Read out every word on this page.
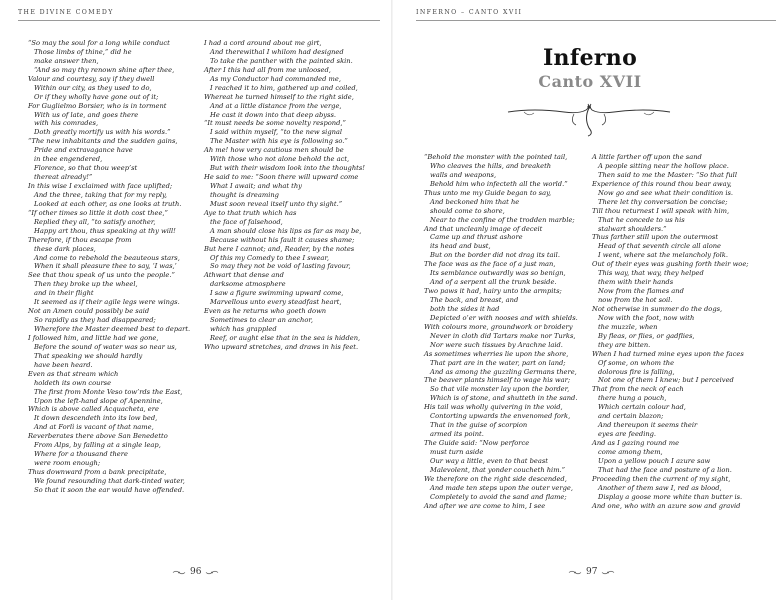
THE DIVINE COMEDY
“So may the soul for a long while conduct
Those limbs of thine,” did he
make answer then,
“And so may thy renown shine after thee,
Valour and courtesy, say if they dwell
Within our city, as they used to do,
Or if they wholly have gone out of it;
For Guglielmo Borsier, who is in torment
With us of late, and goes there
with his comrades,
Doth greatly mortify us with his words.”
“The new inhabitants and the sudden gains,
Pride and extravagance have
in thee engendered,
Florence, so that thou weep’st
thereat already!”
In this wise I exclaimed with face uplifted;
And the three, taking that for my reply,
Looked at each other, as one looks at truth.
“If other times so little it doth cost thee,”
Replied they all, “to satisfy another,
Happy art thou, thus speaking at thy will!
Therefore, if thou escape from
these dark places,
And come to rebehold the beauteous stars,
When it shall pleasure thee to say, ‘I was,’
See that thou speak of us unto the people.”
Then they broke up the wheel,
and in their flight
It seemed as if their agile legs were wings.
Not an Amen could possibly be said
So rapidly as they had disappeared;
Wherefore the Master deemed best to depart.
I followed him, and little had we gone,
Before the sound of water was so near us,
That speaking we should hardly
have been heard.
Even as that stream which
holdeth its own course
The first from Monte Veso tow’rds the East,
Upon the left-hand slope of Apennine,
Which is above called Acquacheta, ere
It down descendeth into its low bed,
And at Forlì is vacant of that name,
Reverberates there above San Benedetto
From Alps, by falling at a single leap,
Where for a thousand there
were room enough;
Thus downward from a bank precipitate,
We found resounding that dark-tinted water,
So that it soon the ear would have offended.
I had a cord around about me girt,
And therewithal I whilom had designed
To take the panther with the painted skin.
After I this had all from me unloosed,
As my Conductor had commanded me,
I reached it to him, gathered up and coiled,
Whereat he turned himself to the right side,
And at a little distance from the verge,
He cast it down into that deep abyss.
“It must needs be some novelty respond,”
I said within myself, “to the new signal
The Master with his eye is following so.”
Ah me! how very cautious men should be
With those who not alone behold the act,
But with their wisdom look into the thoughts!
He said to me: “Soon there will upward come
What I await; and what thy
thought is dreaming
Must soon reveal itself unto thy sight.”
Aye to that truth which has
the face of falsehood,
A man should close his lips as far as may be,
Because without his fault it causes shame;
But here I cannot; and, Reader, by the notes
Of this my Comedy to thee I swear,
So may they not be void of lasting favour,
Athwart that dense and
darksome atmosphere
I saw a figure swimming upward come,
Marvellous unto every steadfast heart,
Even as he returns who goeth down
Sometimes to clear an anchor,
which has grappled
Reef, or aught else that in the sea is hidden,
Who upward stretches, and draws in his feet.
96
INFERNO – CANTO XVII
Inferno
Canto XVII
“Behold the monster with the pointed tail,
Who cleaves the hills, and breaketh
walls and weapons,
Behold him who infecteth all the world.”
Thus unto me my Guide began to say,
And beckoned him that he
should come to shore,
Near to the confine of the trodden marble;
And that uncleanly image of deceit
Came up and thrust ashore
its head and bust,
But on the border did not drag its tail.
The face was as the face of a just man,
Its semblance outwardly was so benign,
And of a serpent all the trunk beside.
Two paws it had, hairy unto the armpits;
The back, and breast, and
both the sides it had
Depicted o’er with nooses and with shields.
With colours more, groundwork or broidery
Never in cloth did Tartars make nor Turks,
Nor were such tissues by Arachne laid.
As sometimes wherries lie upon the shore,
That part are in the water, part on land;
And as among the guzzling Germans there,
The beaver plants himself to wage his war;
So that vile monster lay upon the border,
Which is of stone, and shutteth in the sand.
His tail was wholly quivering in the void,
Contorting upwards the envenomed fork,
That in the guise of scorpion
armed its point.
The Guide said: “Now perforce
must turn aside
Our way a little, even to that beast
Malevolent, that yonder coucheth him.”
We therefore on the right side descended,
And made ten steps upon the outer verge,
Completely to avoid the sand and flame;
And after we are come to him, I see
A little farther off upon the sand
A people sitting near the hollow place.
Then said to me the Master: “So that full
Experience of this round thou bear away,
Now go and see what their condition is.
There let thy conversation be concise;
Till thou returnest I will speak with him,
That he concede to us his
stalwart shoulders.”
Thus farther still upon the outermost
Head of that seventh circle all alone
I went, where sat the melancholy folk.
Out of their eyes was gushing forth their woe;
This way, that way, they helped
them with their hands
Now from the flames and
now from the hot soil.
Not otherwise in summer do the dogs,
Now with the foot, now with
the muzzle, when
By fleas, or flies, or gadflies,
they are bitten.
When I had turned mine eyes upon the faces
Of some, on whom the
dolorous fire is falling,
Not one of them I knew; but I perceived
That from the neck of each
there hung a pouch,
Which certain colour had,
and certain blazon;
And thereupon it seems their
eyes are feeding.
And as I gazing round me
come among them,
Upon a yellow pouch I azure saw
That had the face and posture of a lion.
Proceeding then the current of my sight,
Another of them saw I, red as blood,
Display a goose more white than butter is.
And one, who with an azure sow and gravid
97
